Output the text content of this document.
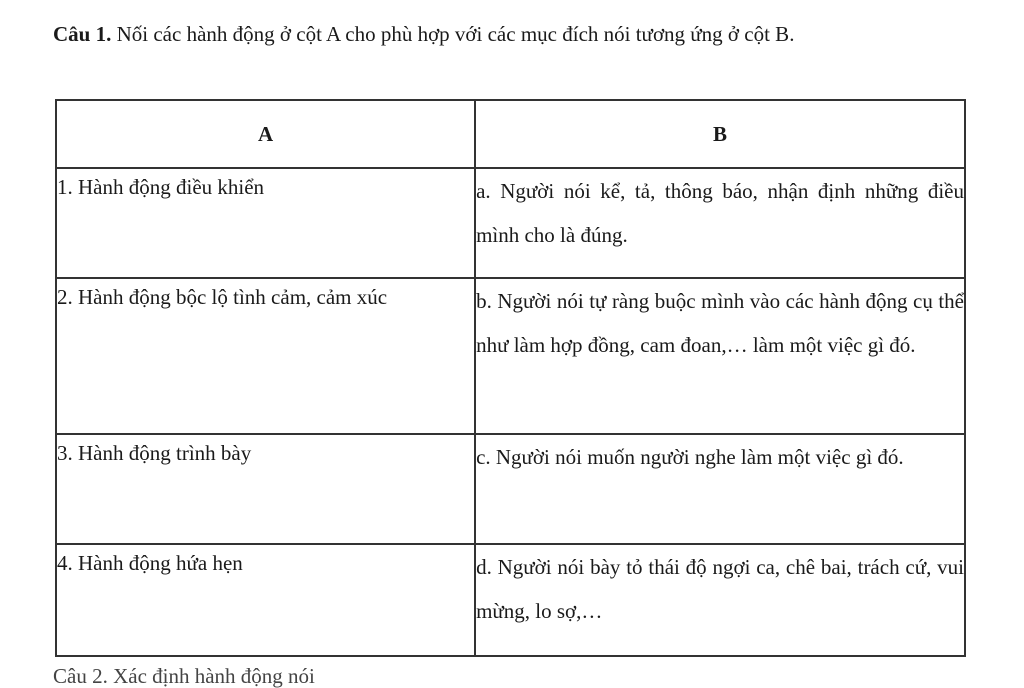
Câu 1. Nối các hành động ở cột A cho phù hợp với các mục đích nói tương ứng ở cột B.

A	B
1. Hành động điều khiển	a. Người nói kể, tả, thông báo, nhận định những điều mình cho là đúng.
2. Hành động bộc lộ tình cảm, cảm xúc	b. Người nói tự ràng buộc mình vào các hành động cụ thể như làm hợp đồng, cam đoan,… làm một việc gì đó.
3. Hành động trình bày	c. Người nói muốn người nghe làm một việc gì đó.
4. Hành động hứa hẹn	d. Người nói bày tỏ thái độ ngợi ca, chê bai, trách cứ, vui mừng, lo sợ,…
Câu 2. Xác định hành động nói
